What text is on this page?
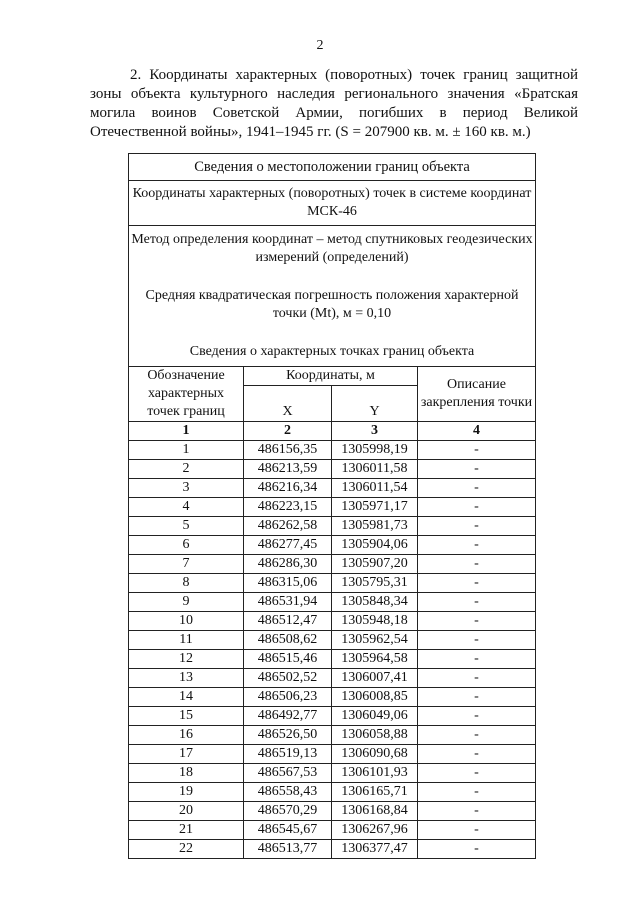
2

2. Координаты характерных (поворотных) точек границ защитной зоны объекта культурного наследия регионального значения «Братская могила воинов Советской Армии, погибших в период Великой Отечественной войны», 1941–1945 гг. (S = 207900 кв. м. ± 160 кв. м.)

Сведения о местоположении границ объекта			
Координаты характерных (поворотных) точек в системе координат МСК-46			

Метод определения координат – метод спутниковых геодезических измерений (определений)

Средняя квадратическая погрешность положения характерной точки (Mt), м = 0,10

Сведения о характерных точках границ объекта			

Обозначение характерных точек границ	Координаты, м		Описание закрепления точки
	X	Y	
1	2	3	4
1	486156,35	1305998,19	-
2	486213,59	1306011,58	-
3	486216,34	1306011,54	-
4	486223,15	1305971,17	-
5	486262,58	1305981,73	-
6	486277,45	1305904,06	-
7	486286,30	1305907,20	-
8	486315,06	1305795,31	-
9	486531,94	1305848,34	-
10	486512,47	1305948,18	-
11	486508,62	1305962,54	-
12	486515,46	1305964,58	-
13	486502,52	1306007,41	-
14	486506,23	1306008,85	-
15	486492,77	1306049,06	-
16	486526,50	1306058,88	-
17	486519,13	1306090,68	-
18	486567,53	1306101,93	-
19	486558,43	1306165,71	-
20	486570,29	1306168,84	-
21	486545,67	1306267,96	-
22	486513,77	1306377,47	-
